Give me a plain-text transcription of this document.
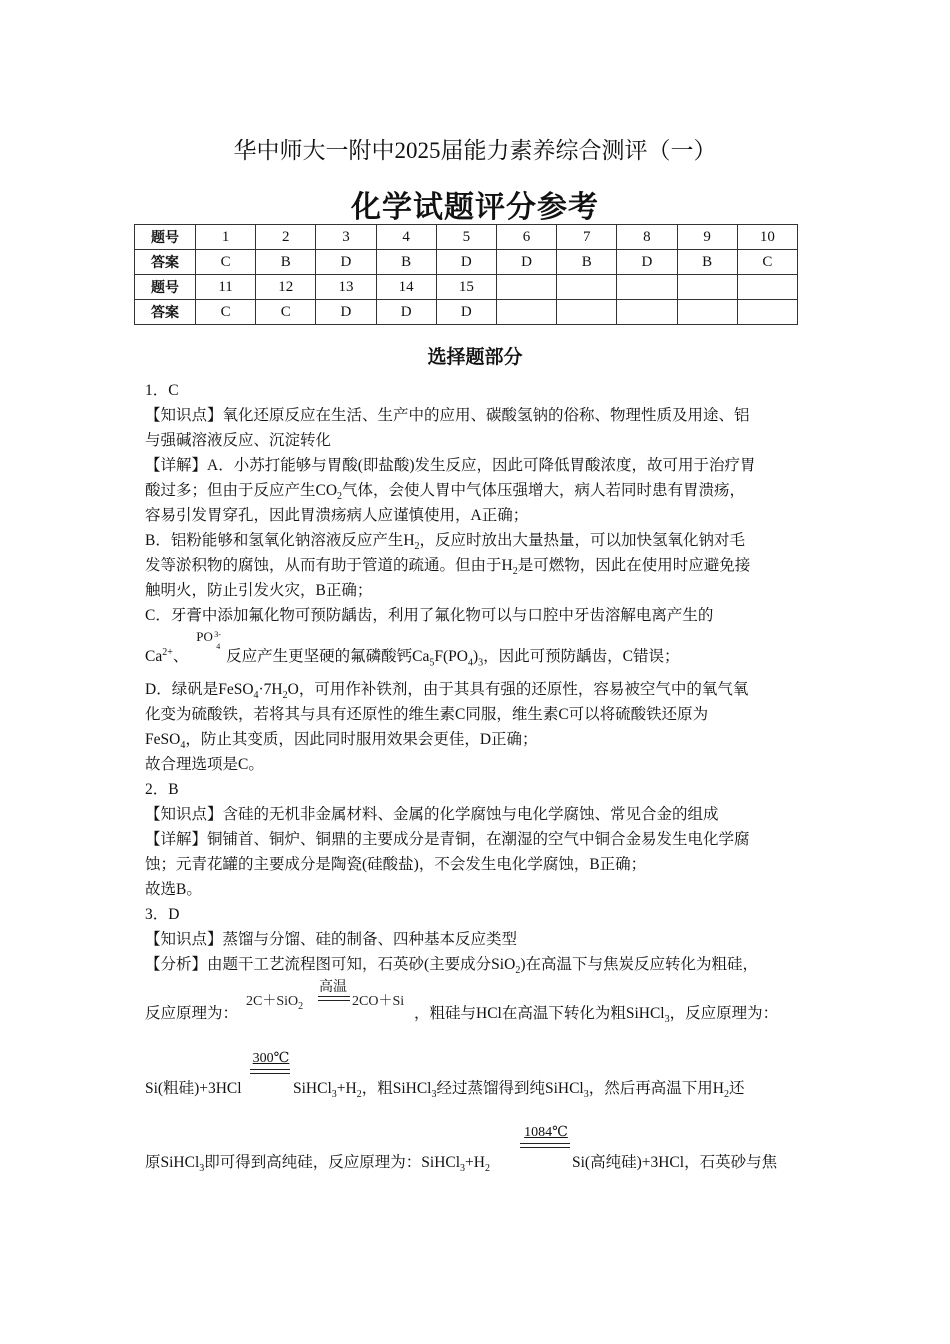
华中师大一附中2025届能力素养综合测评（一）
化学试题评分参考
题号	1	2	3	4	5	6	7	8	9	10
答案	C	B	D	B	D	D	B	D	B	C
题号	11	12	13	14	15					
答案	C	C	D	D	D					
选择题部分
1．C
【知识点】氧化还原反应在生活、生产中的应用、碳酸氢钠的俗称、物理性质及用途、铝
与强碱溶液反应、沉淀转化
【详解】A．小苏打能够与胃酸(即盐酸)发生反应，因此可降低胃酸浓度，故可用于治疗胃
酸过多；但由于反应产生$CO_2$气体，会使人胃中气体压强增大，病人若同时患有胃溃疡，
容易引发胃穿孔，因此胃溃疡病人应谨慎使用，A正确；
B．铝粉能够和氢氧化钠溶液反应产生$H_2$，反应时放出大量热量，可以加快氢氧化钠对毛
发等淤积物的腐蚀，从而有助于管道的疏通。但由于$H_2$是可燃物，因此在使用时应避免接
触明火，防止引发火灾，B正确；
C．牙膏中添加氟化物可预防龋齿，利用了氟化物可以与口腔中牙齿溶解电离产生的
$Ca^{2+}$、
PO 3-
4
反应产生更坚硬的氟磷酸钙$Ca_5F(PO_4)_3$，因此可预防龋齿，C错误；
D．绿矾是$FeSO_4\cdot 7H_2O$，可用作补铁剂，由于其具有强的还原性，容易被空气中的氧气氧
化变为硫酸铁，若将其与具有还原性的维生素C同服，维生素C可以将硫酸铁还原为
FeSO$_4$，防止其变质，因此同时服用效果会更佳，D正确；
故合理选项是C。
2．B
【知识点】含硅的无机非金属材料、金属的化学腐蚀与电化学腐蚀、常见合金的组成
【详解】铜铺首、铜炉、铜鼎的主要成分是青铜，在潮湿的空气中铜合金易发生电化学腐
蚀；元青花罐的主要成分是陶瓷(硅酸盐)，不会发生电化学腐蚀，B正确；
故选B。
3．D
【知识点】蒸馏与分馏、硅的制备、四种基本反应类型
【分析】由题干工艺流程图可知，石英砂(主要成分SiO$_2$)在高温下与焦炭反应转化为粗硅，
反应原理为：
2C＋SiO$_2$
高温
2CO＋Si
，粗硅与HCl在高温下转化为粗SiHCl$_3$，反应原理为：
300℃
Si(粗硅)+3HCl	$SiHCl_3+H_2$，粗SiHCl$_3$经过蒸馏得到纯SiHCl$_3$，然后再高温下用$H_2$还
1084℃
原SiHCl$_3$即可得到高纯硅，反应原理为：$SiHCl_3+H_2$	Si(高纯硅)+3HCl，石英砂与焦
